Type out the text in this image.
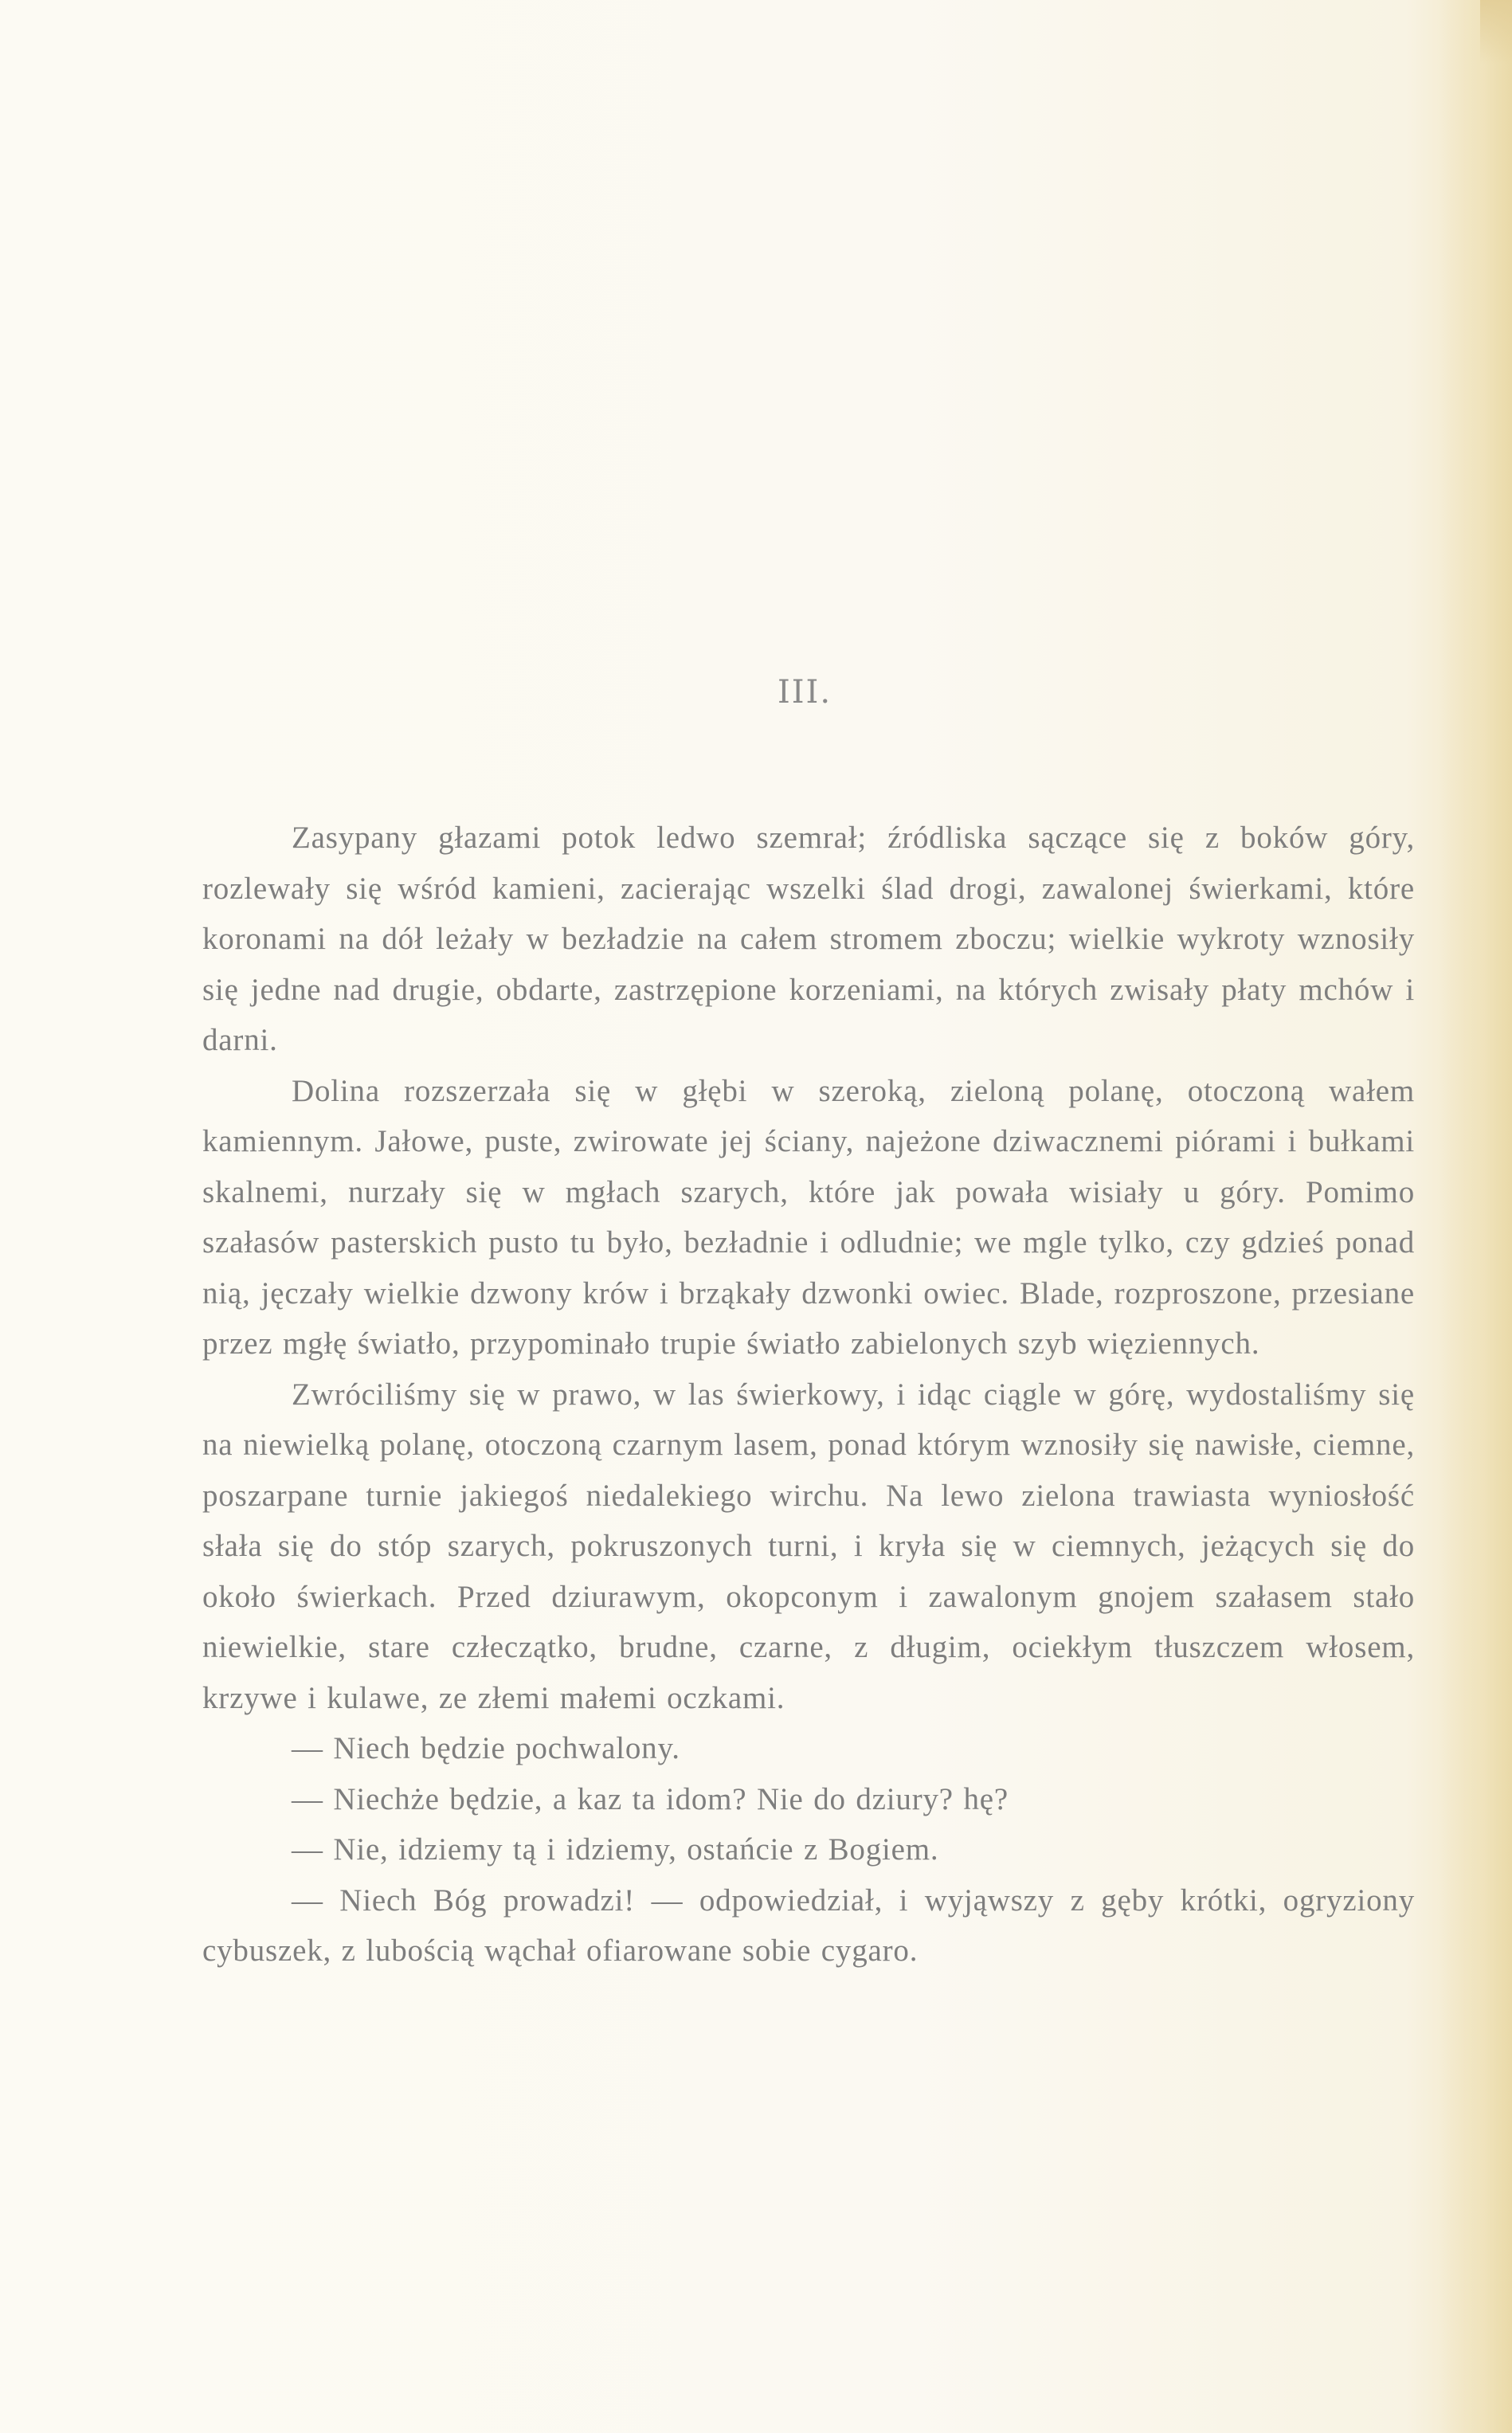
III.

Zasypany głazami potok ledwo szemrał; źródliska sączące się z boków góry, rozlewały się wśród kamieni, zacierając wszelki ślad drogi, zawalonej świerkami, które koronami na dół leżały w bezładzie na całem stromem zboczu; wielkie wykroty wznosiły się jedne nad drugie, obdarte, zastrzępione korzeniami, na których zwisały płaty mchów i darni.

Dolina rozszerzała się w głębi w szeroką, zieloną polanę, otoczoną wałem kamiennym. Jałowe, puste, zwirowate jej ściany, najeżone dziwacznemi piórami i bułkami skalnemi, nurzały się w mgłach szarych, które jak powała wisiały u góry. Pomimo szałasów pasterskich pusto tu było, bezładnie i odludnie; we mgle tylko, czy gdzieś ponad nią, jęczały wielkie dzwony krów i brząkały dzwonki owiec. Blade, rozproszone, przesiane przez mgłę światło, przypominało trupie światło zabielonych szyb więziennych.

Zwróciliśmy się w prawo, w las świerkowy, i idąc ciągle w górę, wydostaliśmy się na niewielką polanę, otoczoną czarnym lasem, ponad którym wznosiły się nawisłe, ciemne, poszarpane turnie jakiegoś niedalekiego wirchu. Na lewo zielona trawiasta wyniosłość słała się do stóp szarych, pokruszonych turni, i kryła się w ciemnych, jeżących się do około świerkach. Przed dziurawym, okopconym i zawalonym gnojem szałasem stało niewielkie, stare człeczątko, brudne, czarne, z długim, ociekłym tłuszczem włosem, krzywe i kulawe, ze złemi małemi oczkami.

— Niech będzie pochwalony.

— Niechże będzie, a kaz ta idom? Nie do dziury? hę?

— Nie, idziemy tą i idziemy, ostańcie z Bogiem.

— Niech Bóg prowadzi! — odpowiedział, i wyjąwszy z gęby krótki, ogryziony cybuszek, z lubością wąchał ofiarowane sobie cygaro.
